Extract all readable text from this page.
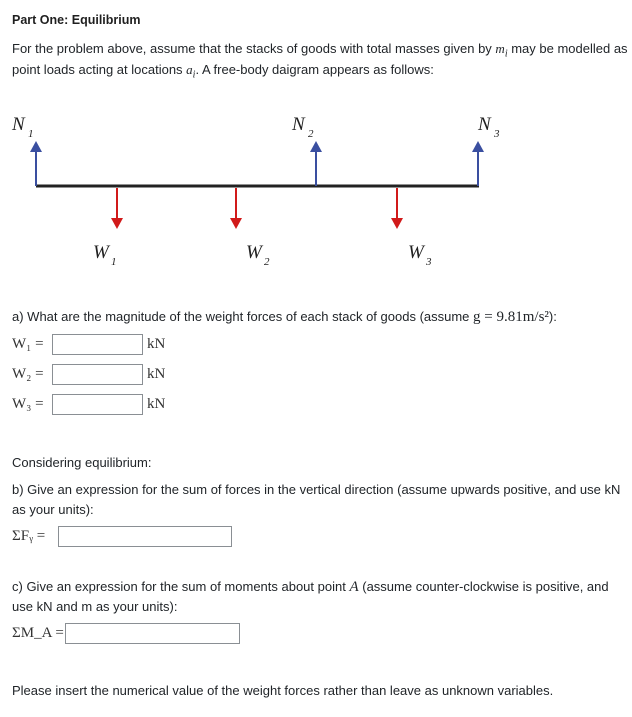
Part One: Equilibrium
For the problem above, assume that the stacks of goods with total masses given by $m_i$ may be modelled as
point loads acting at locations $a_i$. A free-body daigram appears as follows:
N 1	N 2	N 3
W 1	W 2	W 3
a) What are the magnitude of the weight forces of each stack of goods (assume g = 9.81m/s²):
W₁ =	kN
W₂ =	kN
W₃ =	kN
Considering equilibrium:
b) Give an expression for the sum of forces in the vertical direction (assume upwards positive, and use kN
as your units):
ΣFᵧ =
c) Give an expression for the sum of moments about point A (assume counter-clockwise is positive, and
use kN and m as your units):
ΣM_A =
Please insert the numerical value of the weight forces rather than leave as unknown variables.
